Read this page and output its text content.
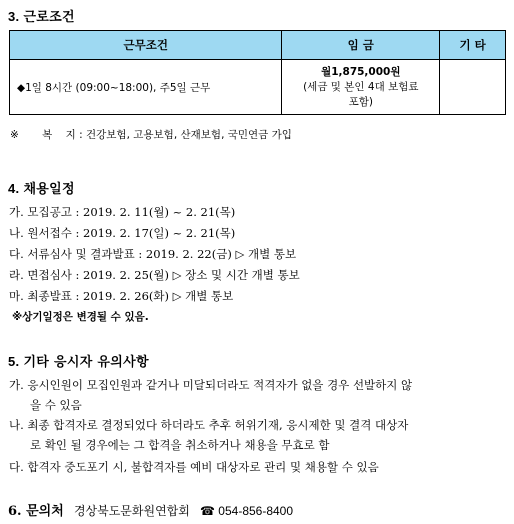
3. 근로조건
근무조건	임 금	기 타
◆1일 8시간 (09:00~18:00), 주5일 근무	월1,875,000원
(세금 및 본인 4대 보험료
포함)	

※ 복 지 : 건강보험, 고용보험, 산재보험, 국민연금 가입
4. 채용일정
가. 모집공고 : 2019. 2. 11(월) ~ 2. 21(목)
나. 원서접수 : 2019. 2. 17(일) ~ 2. 21(목)
다. 서류심사 및 결과발표 : 2019. 2. 22(금) ▷ 개별 통보
라. 면접심사 : 2019. 2. 25(월) ▷ 장소 및 시간 개별 통보
마. 최종발표 : 2019. 2. 26(화) ▷ 개별 통보
※상기일정은 변경될 수 있음.
5. 기타 응시자 유의사항
가. 응시인원이 모집인원과 같거나 미달되더라도 적격자가 없을 경우 선발하지 않
을 수 있음
나. 최종 합격자로 결정되었다 하더라도 추후 허위기재, 응시제한 및 결격 대상자
로 확인 될 경우에는 그 합격을 취소하거나 채용을 무효로 함
다. 합격자 중도포기 시, 불합격자를 예비 대상자로 관리 및 채용할 수 있음
6. 문의처 경상북도문화원연합회 ☎ 054-856-8400
